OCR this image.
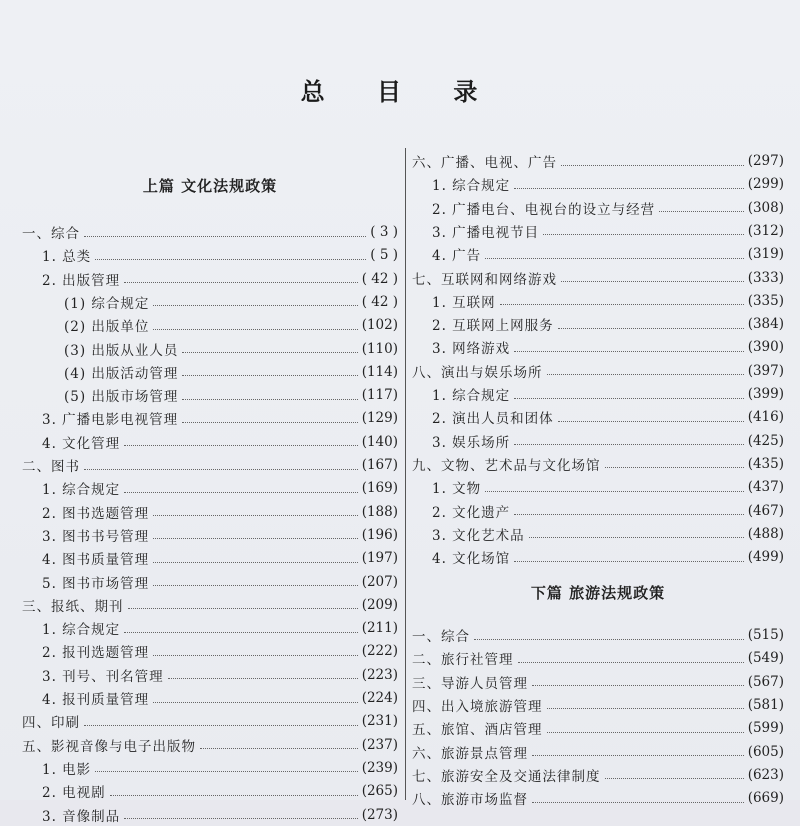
总 目 录
上篇 文化法规政策
一、综合	( 3 )
1. 总类	( 5 )
2. 出版管理	( 42 )
(1) 综合规定	( 42 )
(2) 出版单位	(102)
(3) 出版从业人员	(110)
(4) 出版活动管理	(114)
(5) 出版市场管理	(117)
3. 广播电影电视管理	(129)
4. 文化管理	(140)
二、图书	(167)
1. 综合规定	(169)
2. 图书选题管理	(188)
3. 图书书号管理	(196)
4. 图书质量管理	(197)
5. 图书市场管理	(207)
三、报纸、期刊	(209)
1. 综合规定	(211)
2. 报刊选题管理	(222)
3. 刊号、刊名管理	(223)
4. 报刊质量管理	(224)
四、印刷	(231)
五、影视音像与电子出版物	(237)
1. 电影	(239)
2. 电视剧	(265)
3. 音像制品	(273)
下篇 旅游法规政策
六、广播、电视、广告	(297)
1. 综合规定	(299)
2. 广播电台、电视台的设立与经营	(308)
3. 广播电视节目	(312)
4. 广告	(319)
七、互联网和网络游戏	(333)
1. 互联网	(335)
2. 互联网上网服务	(384)
3. 网络游戏	(390)
八、演出与娱乐场所	(397)
1. 综合规定	(399)
2. 演出人员和团体	(416)
3. 娱乐场所	(425)
九、文物、艺术品与文化场馆	(435)
1. 文物	(437)
2. 文化遗产	(467)
3. 文化艺术品	(488)
4. 文化场馆	(499)
一、综合	(515)
二、旅行社管理	(549)
三、导游人员管理	(567)
四、出入境旅游管理	(581)
五、旅馆、酒店管理	(599)
六、旅游景点管理	(605)
七、旅游安全及交通法律制度	(623)
八、旅游市场监督	(669)
